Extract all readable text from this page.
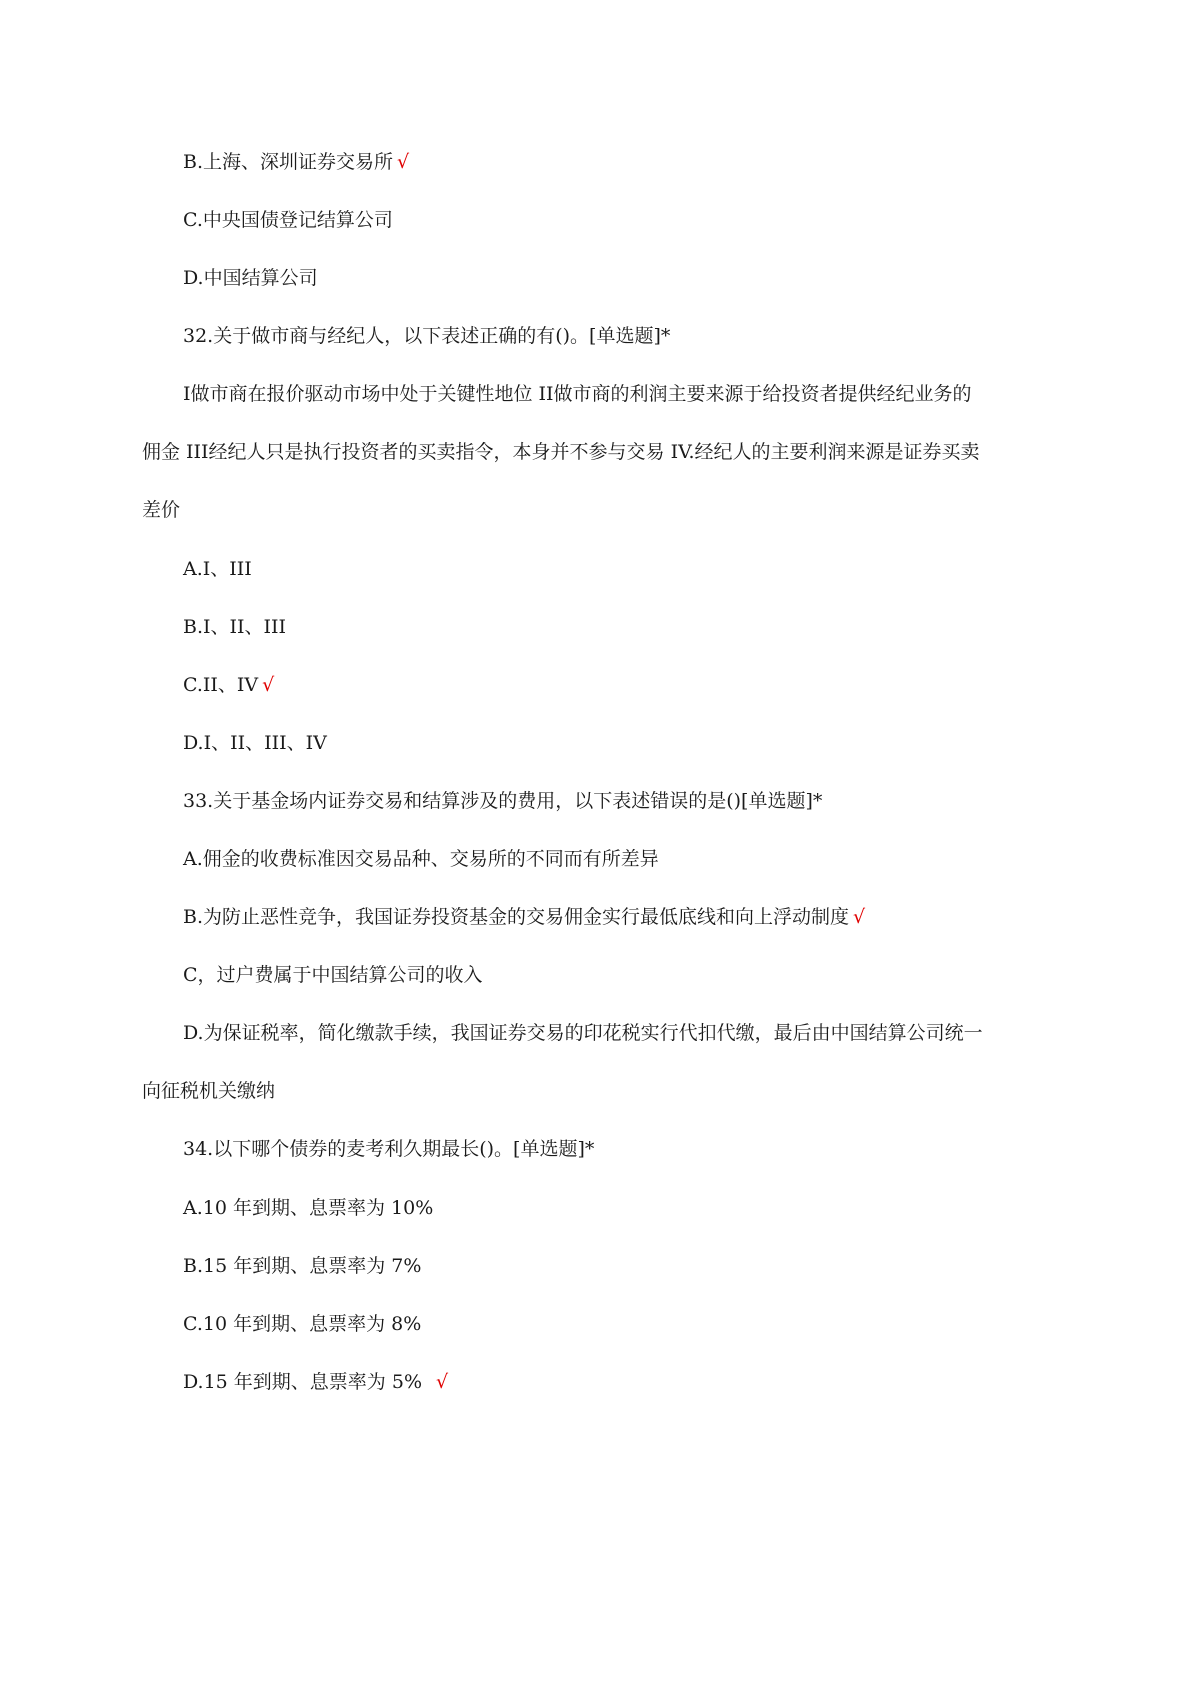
B.上海、深圳证券交易所 √
C.中央国债登记结算公司
D.中国结算公司
32.关于做市商与经纪人，以下表述正确的有()。[单选题]*
I做市商在报价驱动市场中处于关键性地位 II做市商的利润主要来源于给投资者提供经纪业务的
佣金 III经纪人只是执行投资者的买卖指令，本身并不参与交易 IV.经纪人的主要利润来源是证券买卖
差价
A.I、III
B.I、II、III
C.II、IV √
D.I、II、III、IV
33.关于基金场内证券交易和结算涉及的费用，以下表述错误的是()[单选题]*
A.佣金的收费标准因交易品种、交易所的不同而有所差异
B.为防止恶性竞争，我国证券投资基金的交易佣金实行最低底线和向上浮动制度 √
C，过户费属于中国结算公司的收入
D.为保证税率，简化缴款手续，我国证券交易的印花税实行代扣代缴，最后由中国结算公司统一
向征税机关缴纳
34.以下哪个债券的麦考利久期最长()。[单选题]*
A.10 年到期、息票率为 10%
B.15 年到期、息票率为 7%
C.10 年到期、息票率为 8%
D.15 年到期、息票率为 5% √
